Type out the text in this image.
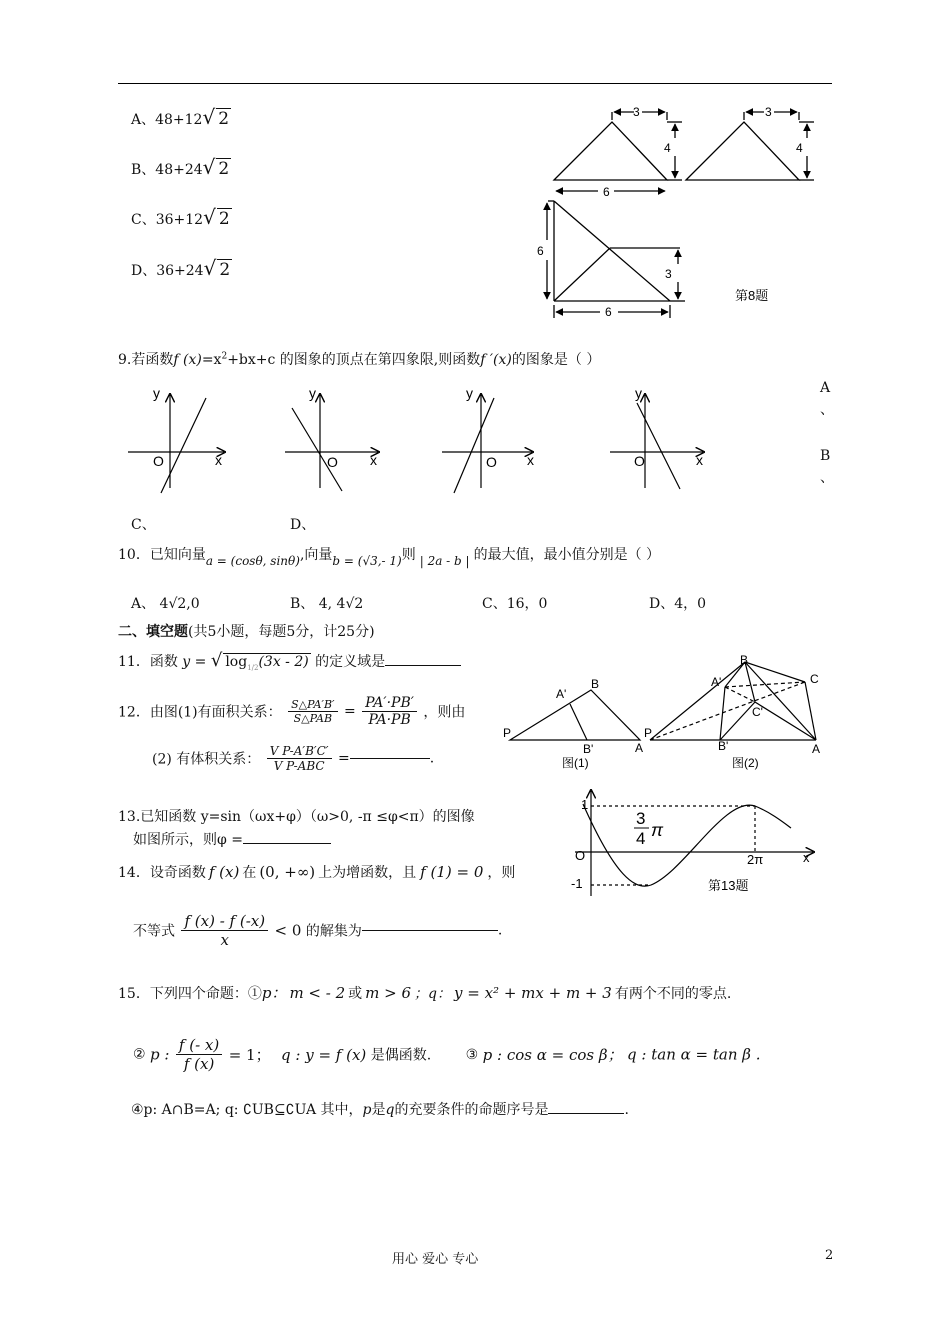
A、48+12√ 2
B、48+24√ 2
C、36+12√ 2
D、36+24√ 2
3
4
6
3
4
6
3
6
第8题
9.若函数f $(x)=x^2+bx+c$ 的图象的顶点在第四象限,则函数f ′(x)的图象是（ ）
y
x
O
y
x
O
y
x
O
y
x
O
A
、
B
、
C、	D、
10．已知向量a = (cosθ, sinθ),向量b = (√3,- 1)则 | 2a - b | 的最大值，最小值分别是（ ）
A、 4√2,0	B、 4, 4√2	C、16，0	D、4，0
二、填空题(共5小题，每题5分，计25分)
11．函数 y = √ $\log_{1/2}(3x - 2)$ 的定义域是
12．由图(1)有面积关系： $\frac{S\triangle PA'B'}{\text{S△PAB}} = \frac{PA'\cdot PB'}{PA\cdot PB}$ ，则由
(2) 有体积关系： $\frac{\text{V P-A′B′C′}}{\text{V P-ABC}}$ =	.
P
A
B
A'
B'
图(1)
P
A
B
C
A'
C'
B'
图(2)
13.已知函数 y=sin（ωx+φ）（ω>0, -π ≤φ<π）的图像
如图所示，则φ =
1
-1
O	x
2π
3
4 π
第13题
14．设奇函数 f (x) 在 (0, +∞) 上为增函数，且 f (1) = 0 ，则
不等式 $\frac{f (x) - f (-x)}{x} < 0$ 的解集为	.
15．下列四个命题：①p： m < - 2 或 m > 6 ；q： y = x² + mx + m + 3 有两个不同的零点.
② p : $\frac{f (- x)}{f (x)} = 1$； q : y = f (x) 是偶函数. ③ p : cos α = cos β； q : tan α = tan β .
④p: A∩B=A; q: ∁UB⊆∁UA 其中，p是q的充要条件的命题序号是	.
用心 爱心 专心	2
